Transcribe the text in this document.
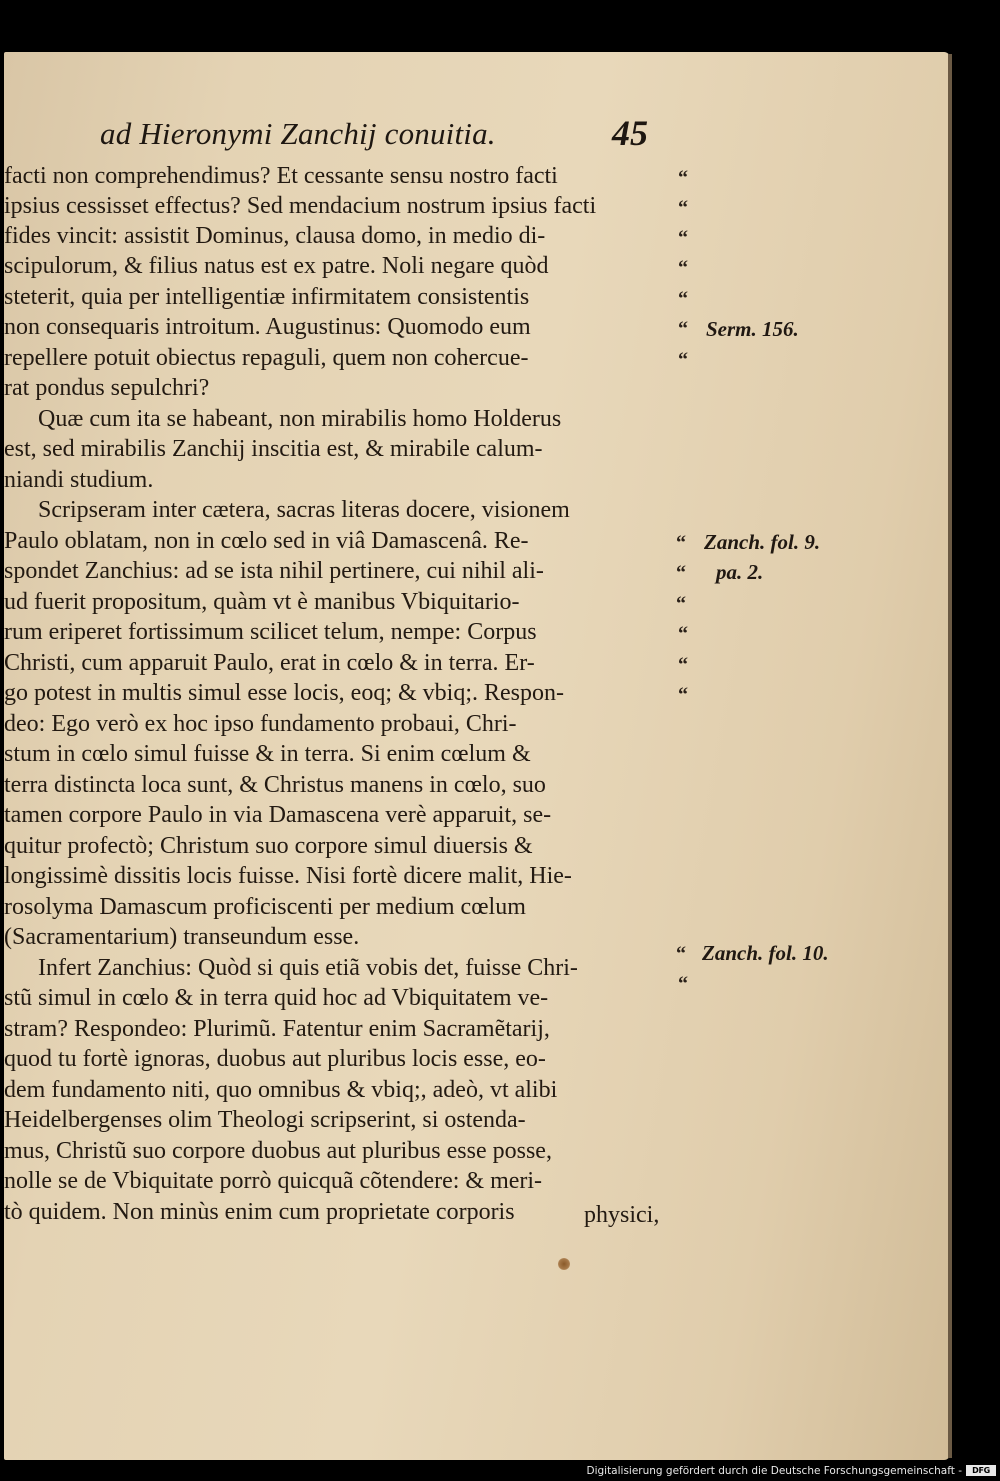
ad Hieronymi Zanchij conuitia.	45
facti non comprehendimus? Et cessante sensu nostro facti
ipsius cessisset effectus? Sed mendacium nostrum ipsius facti
fides vincit: assistit Dominus, clausa domo, in medio di-
scipulorum, & filius natus est ex patre. Noli negare quòd
steterit, quia per intelligentiæ infirmitatem consistentis
non consequaris introitum. Augustinus: Quomodo eum
repellere potuit obiectus repaguli, quem non cohercue-
rat pondus sepulchri?
Quæ cum ita se habeant, non mirabilis homo Holderus
est, sed mirabilis Zanchij inscitia est, & mirabile calum-
niandi studium.
Scripseram inter cætera, sacras literas docere, visionem
Paulo oblatam, non in cœlo sed in viâ Damascenâ. Re-
spondet Zanchius: ad se ista nihil pertinere, cui nihil ali-
ud fuerit propositum, quàm vt è manibus Vbiquitario-
rum eriperet fortissimum scilicet telum, nempe: Corpus
Christi, cum apparuit Paulo, erat in cœlo & in terra. Er-
go potest in multis simul esse locis, eoq; & vbiq;. Respon-
deo: Ego verò ex hoc ipso fundamento probaui, Chri-
stum in cœlo simul fuisse & in terra. Si enim cœlum &
terra distincta loca sunt, & Christus manens in cœlo, suo
tamen corpore Paulo in via Damascena verè apparuit, se-
quitur profectò; Christum suo corpore simul diuersis &
longissimè dissitis locis fuisse. Nisi fortè dicere malit, Hie-
rosolyma Damascum proficiscenti per medium cœlum
(Sacramentarium) transeundum esse.
Infert Zanchius: Quòd si quis etiã vobis det, fuisse Chri-
stũ simul in cœlo & in terra quid hoc ad Vbiquitatem ve-
stram? Respondeo: Plurimũ. Fatentur enim Sacramẽtarij,
quod tu fortè ignoras, duobus aut pluribus locis esse, eo-
dem fundamento niti, quo omnibus & vbiq;, adeò, vt alibi
Heidelbergenses olim Theologi scripserint, si ostenda-
mus, Christũ suo corpore duobus aut pluribus esse posse,
nolle se de Vbiquitate porrò quicquã cõtendere: & meri-
tò quidem. Non minùs enim cum proprietate corporis
“
“
“
“
“
“
“
“
“
“
“
“
“
“
“
Serm. 156.
Zanch. fol. 9.
pa. 2.
Zanch. fol. 10.
physici,
Digitalisierung gefördert durch die Deutsche Forschungsgemeinschaft -	DFG
